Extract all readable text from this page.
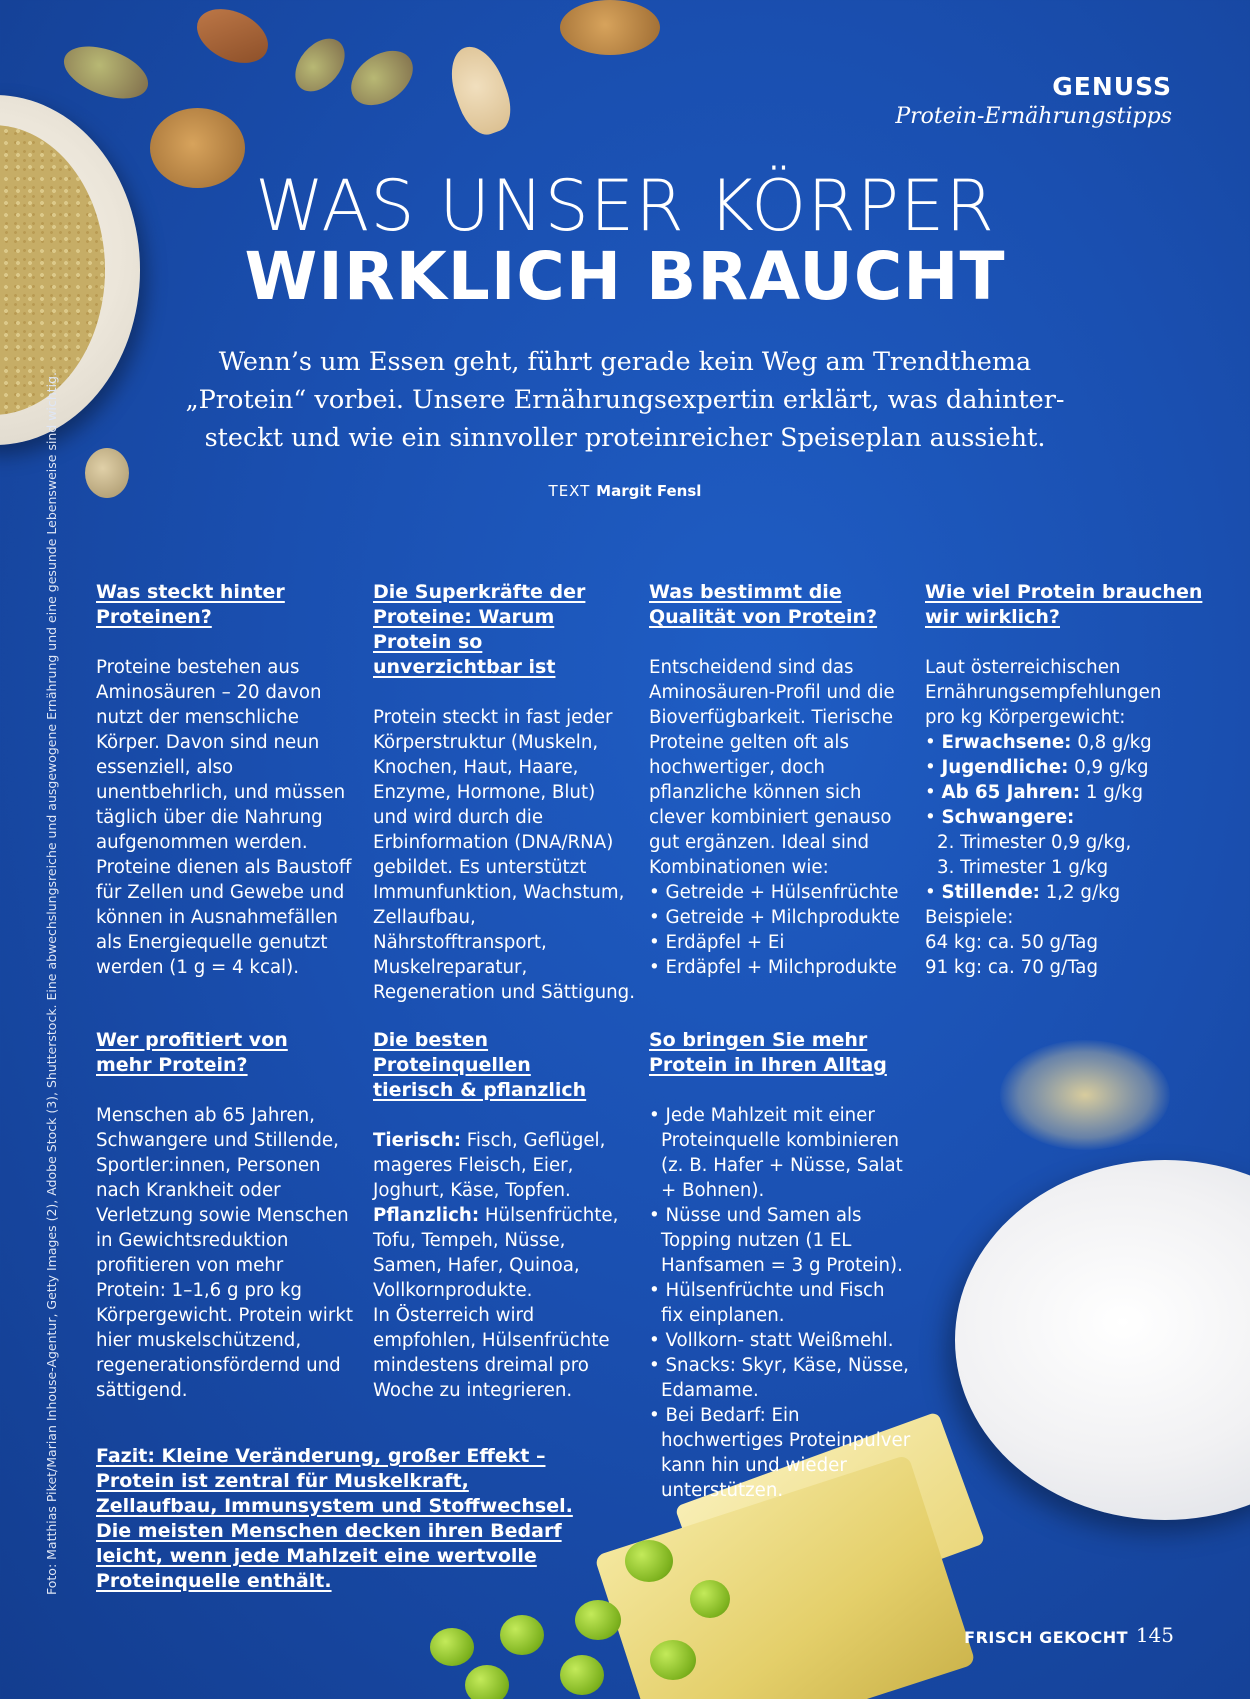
GENUSS
Protein-Ernährungstipps
WAS UNSER KÖRPER
WIRKLICH BRAUCHT
Wenn’s um Essen geht, führt gerade kein Weg am Trendthema
„Protein“ vorbei. Unsere Ernährungsexpertin erklärt, was dahinter-
steckt und wie ein sinnvoller proteinreicher Speiseplan aussieht.
TEXT Margit Fensl
Was steckt hinter Proteinen?

Proteine bestehen aus Aminosäuren – 20 davon nutzt der menschliche Körper. Davon sind neun essenziell, also unentbehrlich, und müssen täglich über die Nahrung aufgenommen werden. Proteine dienen als Baustoff für Zellen und Gewebe und können in Ausnahmefällen als Energiequelle genutzt werden (1 g = 4 kcal).

Wer profitiert von mehr Protein?

Menschen ab 65 Jahren, Schwangere und Stillende, Sportler:innen, Personen nach Krankheit oder Verletzung sowie Menschen in Gewichtsreduktion profitieren von mehr Protein: 1–1,6 g pro kg Körpergewicht. Protein wirkt hier muskelschützend, regenerationsfördernd und sättigend.

Die Superkräfte der Proteine: Warum Protein so unverzichtbar ist

Protein steckt in fast jeder Körperstruktur (Muskeln, Knochen, Haut, Haare, Enzyme, Hormone, Blut) und wird durch die Erbinformation (DNA/RNA) gebildet. Es unterstützt Immunfunktion, Wachstum, Zellaufbau, Nährstofftransport, Muskelreparatur, Regeneration und Sättigung.

Die besten Proteinquellen tierisch & pflanzlich

Tierisch: Fisch, Geflügel, mageres Fleisch, Eier, Joghurt, Käse, Topfen.

Pflanzlich: Hülsenfrüchte, Tofu, Tempeh, Nüsse, Samen, Hafer, Quinoa, Vollkornprodukte.

In Österreich wird empfohlen, Hülsenfrüchte mindestens dreimal pro Woche zu integrieren.

Was bestimmt die Qualität von Protein?

Entscheidend sind das Aminosäuren-Profil und die Bioverfügbarkeit. Tierische Proteine gelten oft als hochwertiger, doch pflanzliche können sich clever kombiniert genauso gut ergänzen. Ideal sind Kombinationen wie:

• Getreide + Hülsenfrüchte
• Getreide + Milchprodukte
• Erdäpfel + Ei
• Erdäpfel + Milchprodukte
So bringen Sie mehr Protein in Ihren Alltag
• Jede Mahlzeit mit einer Proteinquelle kombinieren (z. B. Hafer + Nüsse, Salat + Bohnen).
• Nüsse und Samen als Topping nutzen (1 EL Hanfsamen = 3 g Protein).
• Hülsenfrüchte und Fisch fix einplanen.
• Vollkorn- statt Weißmehl.
• Snacks: Skyr, Käse, Nüsse, Edamame.
• Bei Bedarf: Ein hochwertiges Proteinpulver kann hin und wieder unterstützen.
Wie viel Protein brauchen wir wirklich?

Laut österreichischen Ernährungsempfehlungen pro kg Körpergewicht:

• Erwachsene: 0,8 g/kg
• Jugendliche: 0,9 g/kg
• Ab 65 Jahren: 1 g/kg
• Schwangere:
2. Trimester 0,9 g/kg,
3. Trimester 1 g/kg
• Stillende: 1,2 g/kg
Beispiele:
64 kg: ca. 50 g/Tag
91 kg: ca. 70 g/Tag
Fazit: Kleine Veränderung, großer Effekt – Protein ist zentral für Muskelkraft, Zellaufbau, Immunsystem und Stoffwechsel. Die meisten Menschen decken ihren Bedarf leicht, wenn jede Mahlzeit eine wertvolle Proteinquelle enthält.
Foto: Matthias Piket/Marian Inhouse-Agentur, Getty Images (2), Adobe Stock (3), Shutterstock. Eine abwechslungsreiche und ausgewogene Ernährung und eine gesunde Lebensweise sind wichtig.
FRISCH GEKOCHT 145
